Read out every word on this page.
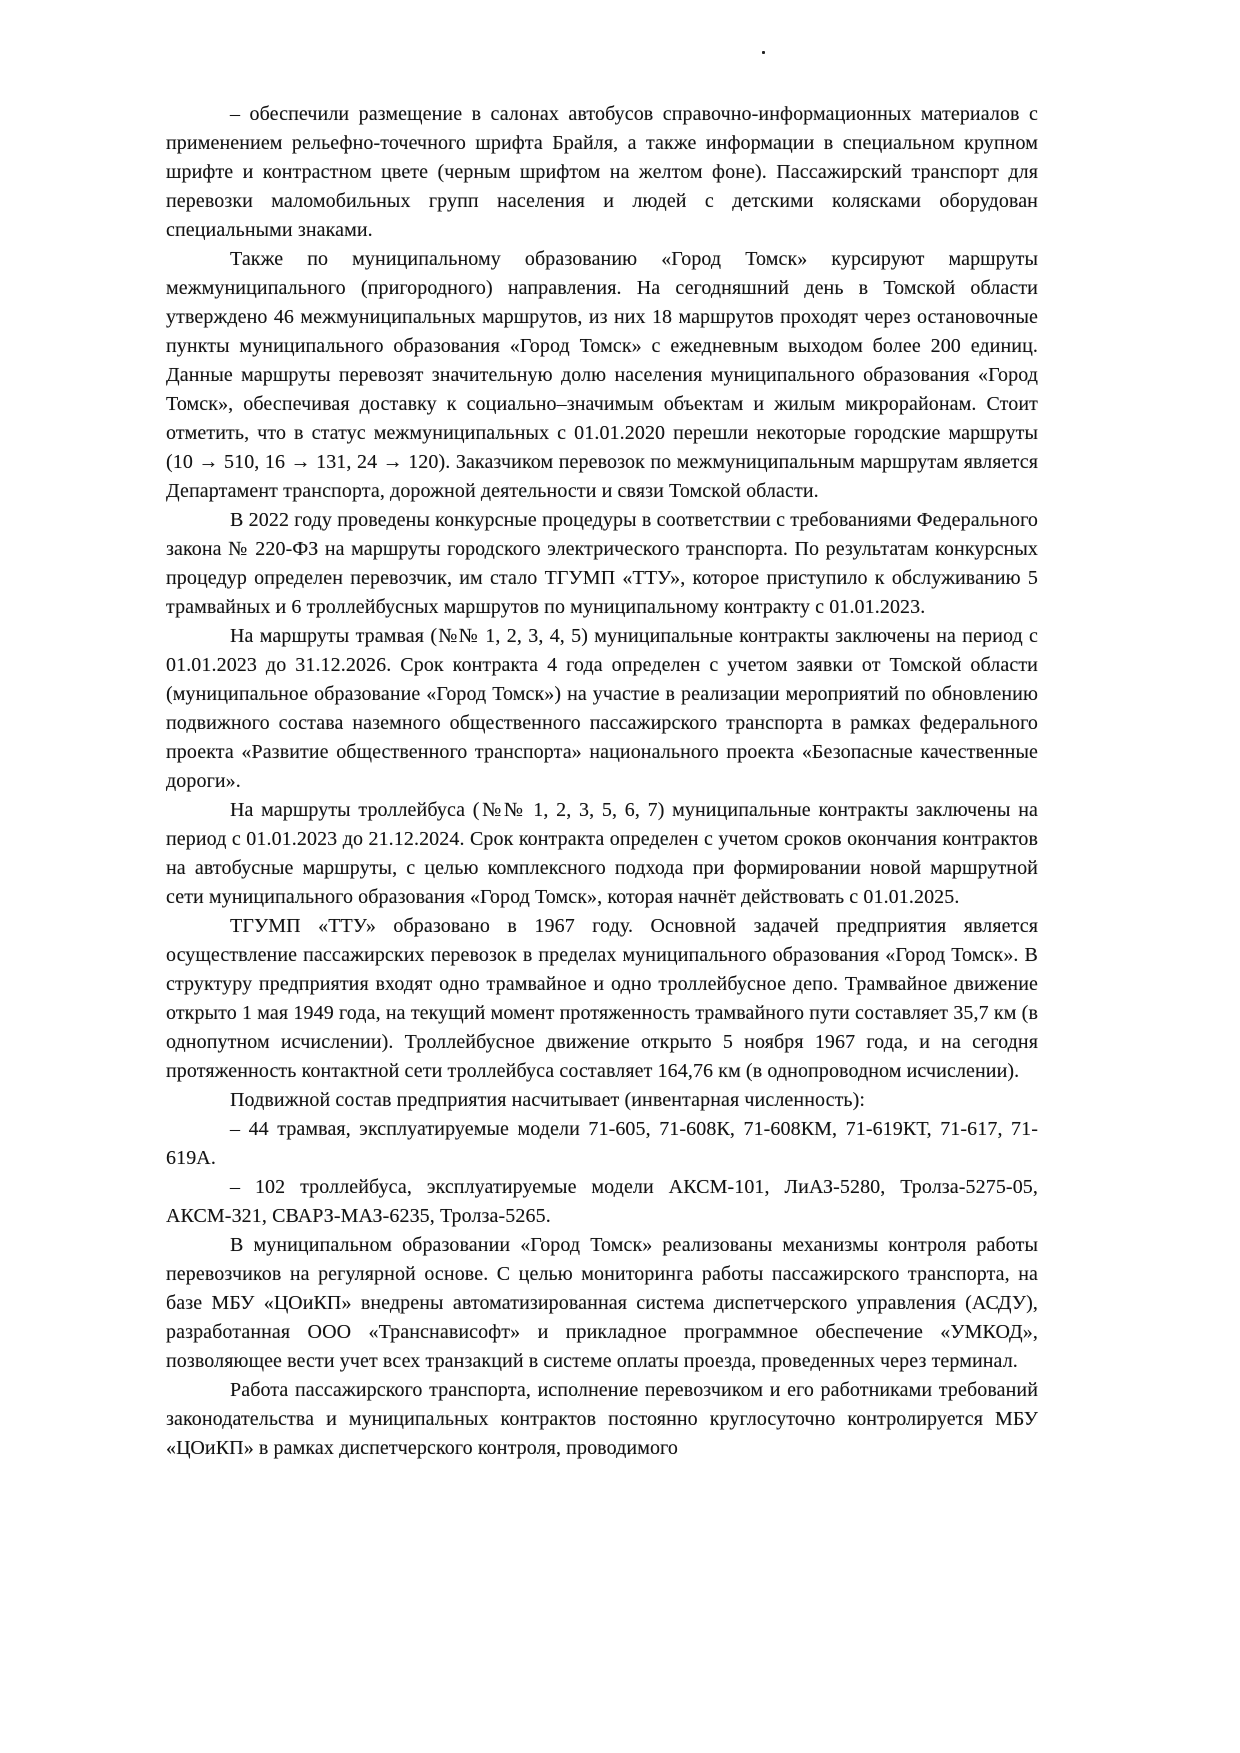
– обеспечили размещение в салонах автобусов справочно-информационных материалов с применением рельефно-точечного шрифта Брайля, а также информации в специальном крупном шрифте и контрастном цвете (черным шрифтом на желтом фоне). Пассажирский транспорт для перевозки маломобильных групп населения и людей с детскими колясками оборудован специальными знаками.

Также по муниципальному образованию «Город Томск» курсируют маршруты межмуниципального (пригородного) направления. На сегодняшний день в Томской области утверждено 46 межмуниципальных маршрутов, из них 18 маршрутов проходят через остановочные пункты муниципального образования «Город Томск» с ежедневным выходом более 200 единиц. Данные маршруты перевозят значительную долю населения муниципального образования «Город Томск», обеспечивая доставку к социально–значимым объектам и жилым микрорайонам. Стоит отметить, что в статус межмуниципальных с 01.01.2020 перешли некоторые городские маршруты (10 → 510, 16 → 131, 24 → 120). Заказчиком перевозок по межмуниципальным маршрутам является Департамент транспорта, дорожной деятельности и связи Томской области.

В 2022 году проведены конкурсные процедуры в соответствии с требованиями Федерального закона № 220-ФЗ на маршруты городского электрического транспорта. По результатам конкурсных процедур определен перевозчик, им стало ТГУМП «ТТУ», которое приступило к обслуживанию 5 трамвайных и 6 троллейбусных маршрутов по муниципальному контракту с 01.01.2023.

На маршруты трамвая (№№ 1, 2, 3, 4, 5) муниципальные контракты заключены на период с 01.01.2023 до 31.12.2026. Срок контракта 4 года определен с учетом заявки от Томской области (муниципальное образование «Город Томск») на участие в реализации мероприятий по обновлению подвижного состава наземного общественного пассажирского транспорта в рамках федерального проекта «Развитие общественного транспорта» национального проекта «Безопасные качественные дороги».

На маршруты троллейбуса (№№ 1, 2, 3, 5, 6, 7) муниципальные контракты заключены на период с 01.01.2023 до 21.12.2024. Срок контракта определен с учетом сроков окончания контрактов на автобусные маршруты, с целью комплексного подхода при формировании новой маршрутной сети муниципального образования «Город Томск», которая начнёт действовать с 01.01.2025.

ТГУМП «ТТУ» образовано в 1967 году. Основной задачей предприятия является осуществление пассажирских перевозок в пределах муниципального образования «Город Томск». В структуру предприятия входят одно трамвайное и одно троллейбусное депо. Трамвайное движение открыто 1 мая 1949 года, на текущий момент протяженность трамвайного пути составляет 35,7 км (в однопутном исчислении). Троллейбусное движение открыто 5 ноября 1967 года, и на сегодня протяженность контактной сети троллейбуса составляет 164,76 км (в однопроводном исчислении).

Подвижной состав предприятия насчитывает (инвентарная численность):

– 44 трамвая, эксплуатируемые модели 71-605, 71-608К, 71-608КМ, 71-619КТ, 71-617, 71-619А.

– 102 троллейбуса, эксплуатируемые модели АКСМ-101, ЛиАЗ-5280, Тролза-5275-05, АКСМ-321, СВАРЗ-МАЗ-6235, Тролза-5265.

В муниципальном образовании «Город Томск» реализованы механизмы контроля работы перевозчиков на регулярной основе. С целью мониторинга работы пассажирского транспорта, на базе МБУ «ЦОиКП» внедрены автоматизированная система диспетчерского управления (АСДУ), разработанная ООО «Транснависофт» и прикладное программное обеспечение «УМКОД», позволяющее вести учет всех транзакций в системе оплаты проезда, проведенных через терминал.

Работа пассажирского транспорта, исполнение перевозчиком и его работниками требований законодательства и муниципальных контрактов постоянно круглосуточно контролируется МБУ «ЦОиКП» в рамках диспетчерского контроля, проводимого
